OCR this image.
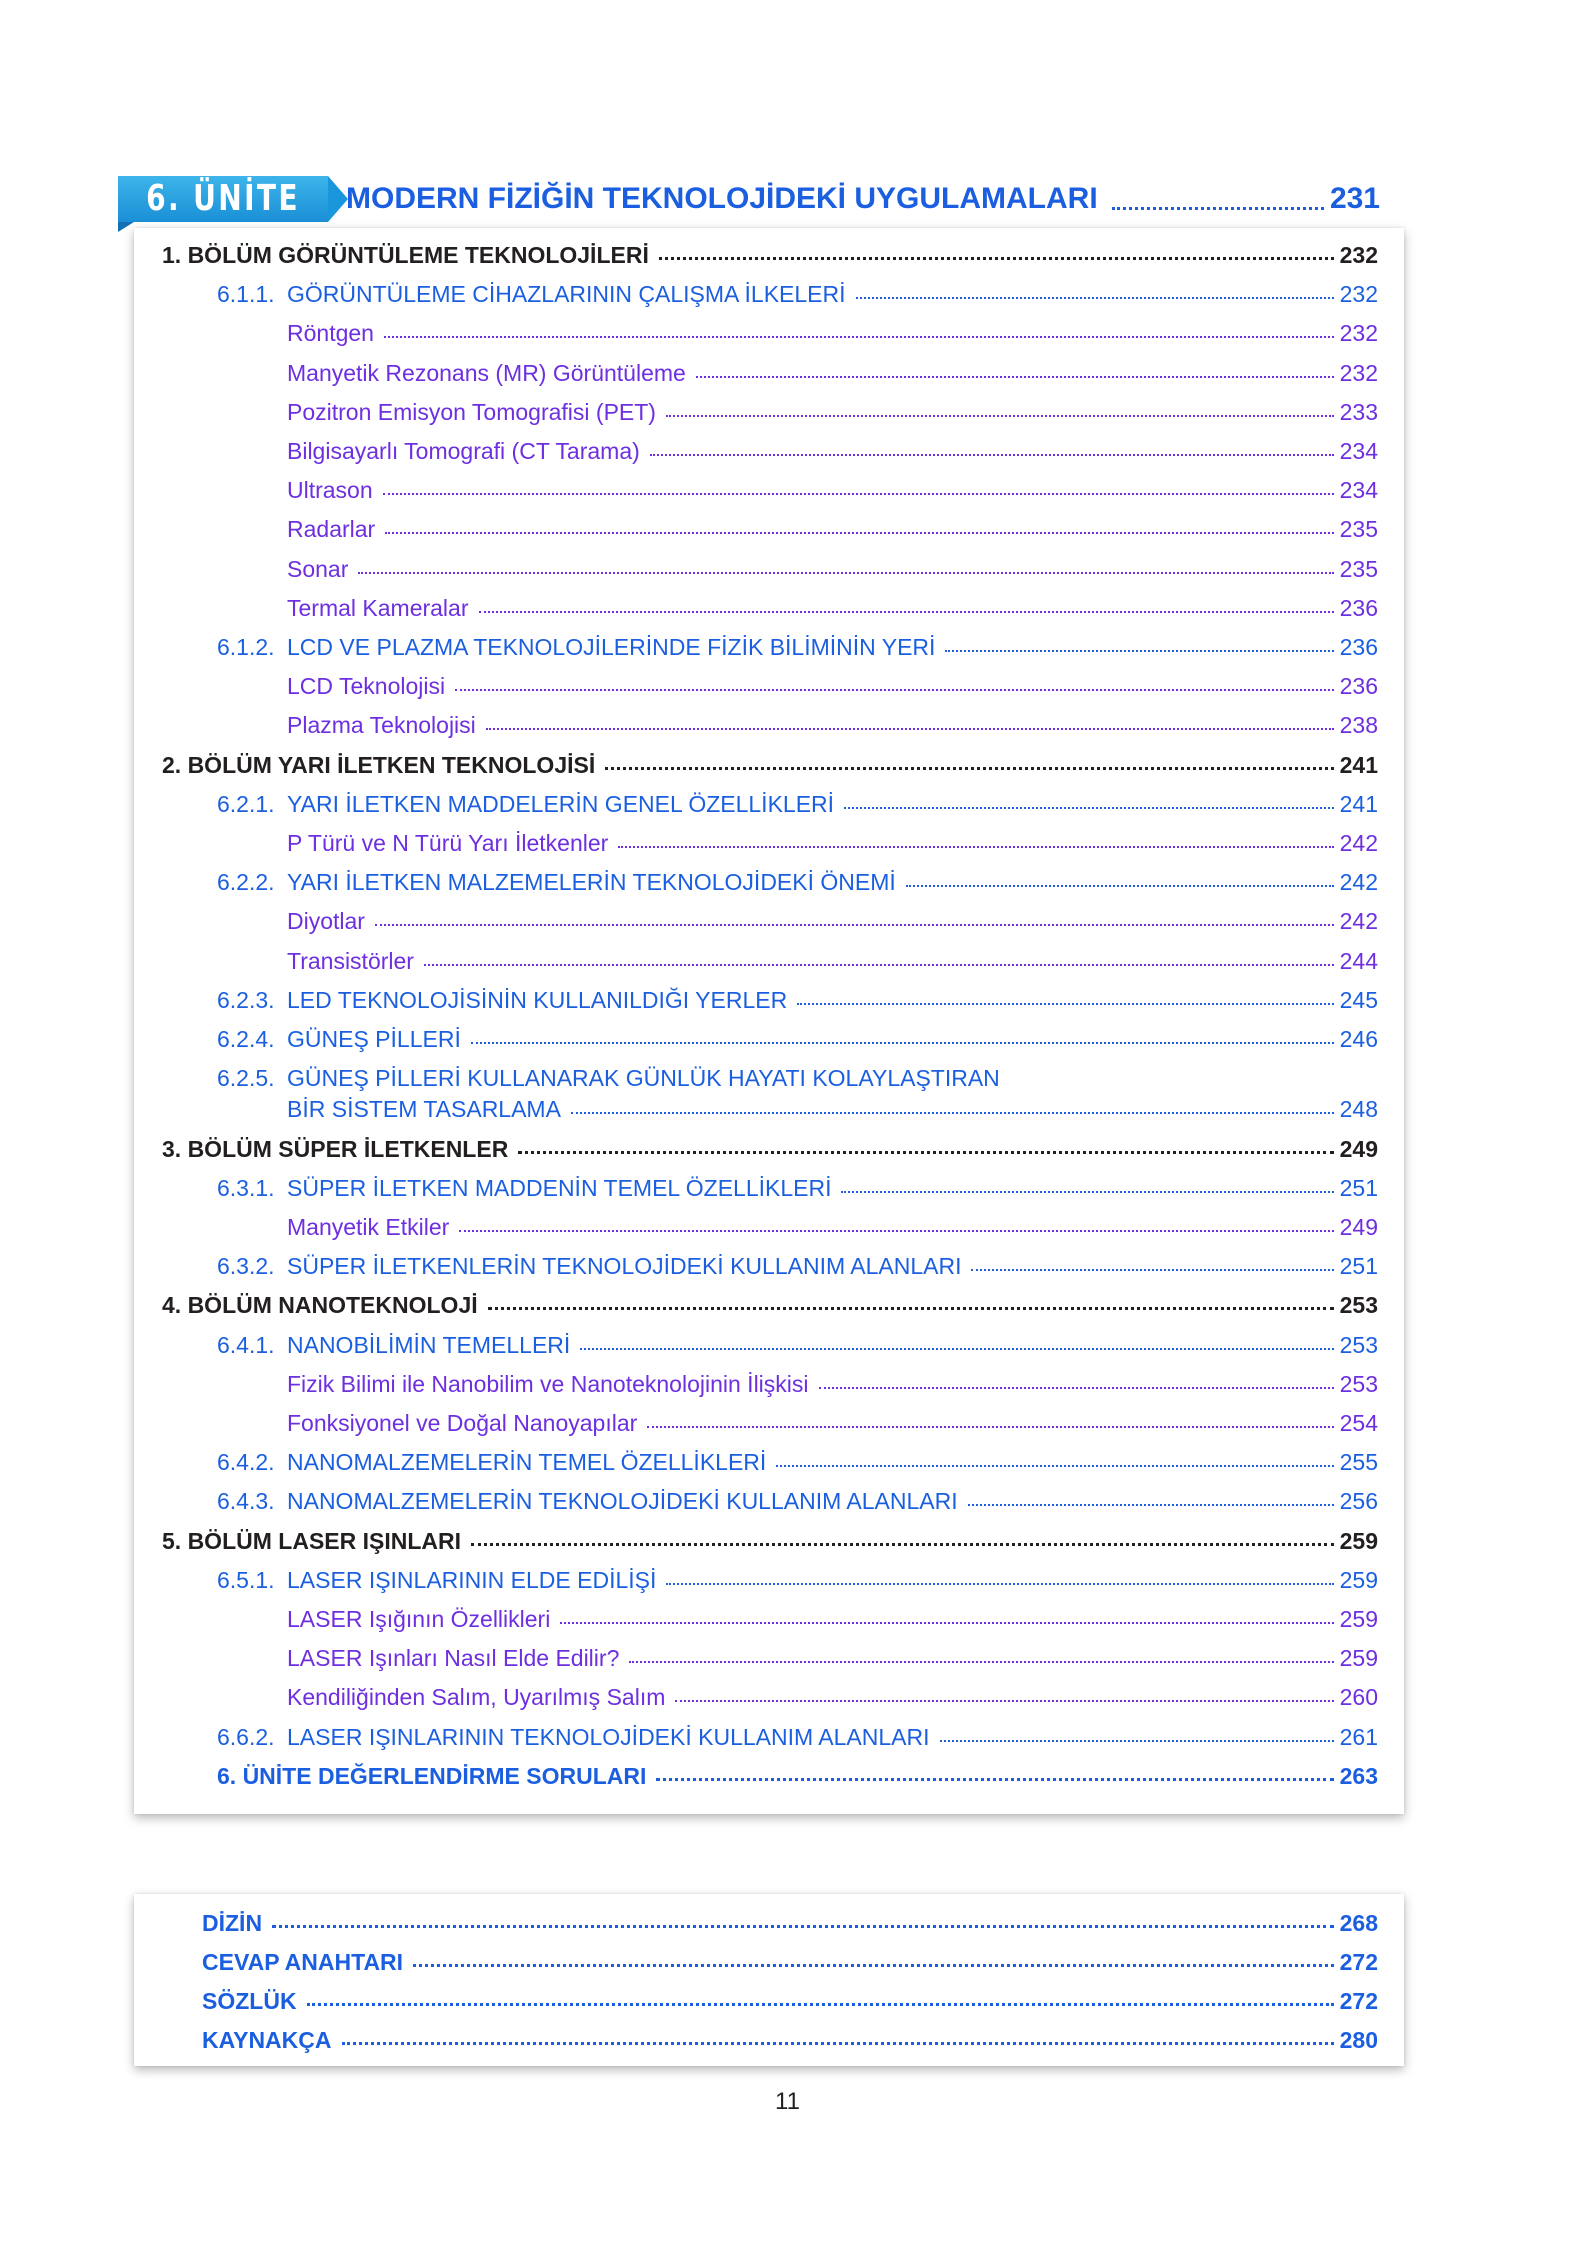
6. ÜNİTE MODERN FİZİĞİN TEKNOLOJİDEKİ UYGULAMALARI	231
1. BÖLÜM GÖRÜNTÜLEME TEKNOLOJİLERİ	232
6.1.1. GÖRÜNTÜLEME CİHAZLARININ ÇALIŞMA İLKELERİ	232
Röntgen	232
Manyetik Rezonans (MR) Görüntüleme	232
Pozitron Emisyon Tomografisi (PET)	233
Bilgisayarlı Tomografi (CT Tarama)	234
Ultrason	234
Radarlar	235
Sonar	235
Termal Kameralar	236
6.1.2. LCD VE PLAZMA TEKNOLOJİLERİNDE FİZİK BİLİMİNİN YERİ	236
LCD Teknolojisi	236
Plazma Teknolojisi	238
2. BÖLÜM YARI İLETKEN TEKNOLOJİSİ	241
6.2.1. YARI İLETKEN MADDELERİN GENEL ÖZELLİKLERİ	241
P Türü ve N Türü Yarı İletkenler	242
6.2.2. YARI İLETKEN MALZEMELERİN TEKNOLOJİDEKİ ÖNEMİ	242
Diyotlar	242
Transistörler	244
6.2.3. LED TEKNOLOJİSİNİN KULLANILDIĞI YERLER	245
6.2.4. GÜNEŞ PİLLERİ	246
6.2.5. GÜNEŞ PİLLERİ KULLANARAK GÜNLÜK HAYATI KOLAYLAŞTIRAN
BİR SİSTEM TASARLAMA	248
3. BÖLÜM SÜPER İLETKENLER	249
6.3.1. SÜPER İLETKEN MADDENİN TEMEL ÖZELLİKLERİ	251
Manyetik Etkiler	249
6.3.2. SÜPER İLETKENLERİN TEKNOLOJİDEKİ KULLANIM ALANLARI	251
4. BÖLÜM NANOTEKNOLOJİ	253
6.4.1. NANOBİLİMİN TEMELLERİ	253
Fizik Bilimi ile Nanobilim ve Nanoteknolojinin İlişkisi	253
Fonksiyonel ve Doğal Nanoyapılar	254
6.4.2. NANOMALZEMELERİN TEMEL ÖZELLİKLERİ	255
6.4.3. NANOMALZEMELERİN TEKNOLOJİDEKİ KULLANIM ALANLARI	256
5. BÖLÜM LASER IŞINLARI	259
6.5.1. LASER IŞINLARININ ELDE EDİLİŞİ	259
LASER Işığının Özellikleri	259
LASER Işınları Nasıl Elde Edilir?	259
Kendiliğinden Salım, Uyarılmış Salım	260
6.6.2. LASER IŞINLARININ TEKNOLOJİDEKİ KULLANIM ALANLARI	261
6. ÜNİTE DEĞERLENDİRME SORULARI	263
DİZİN	268
CEVAP ANAHTARI	272
SÖZLÜK	272
KAYNAKÇA	280
11
